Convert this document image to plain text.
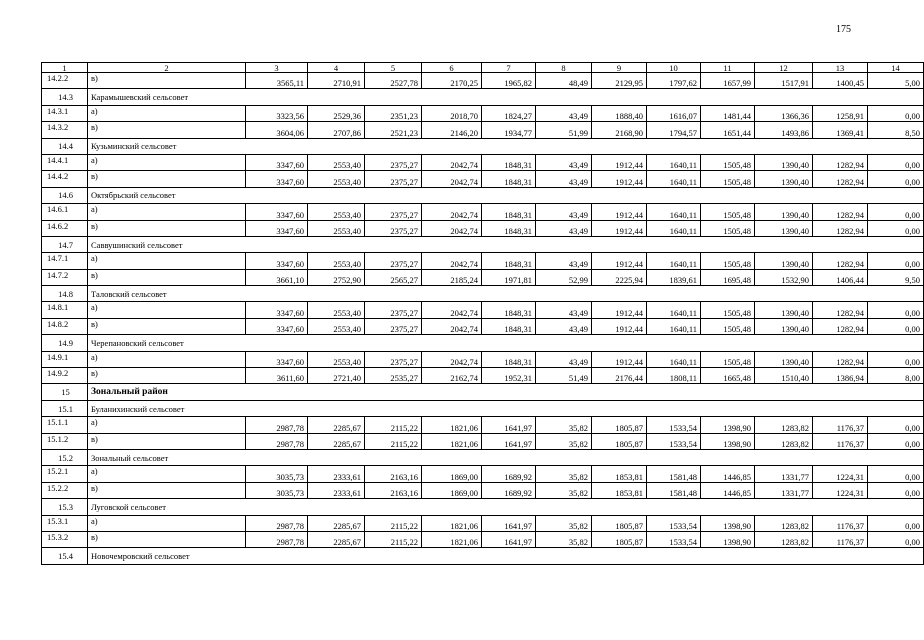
175
1	2	3	4	5	6	7	8	9	10	11	12	13	14
14.2.2	в)	3565,11	2710,91	2527,78	2170,25	1965,82	48,49	2129,95	1797,62	1657,99	1517,91	1400,45	5,00
14.3	Карамышевский сельсовет												
14.3.1	а)	3323,56	2529,36	2351,23	2018,70	1824,27	43,49	1888,40	1616,07	1481,44	1366,36	1258,91	0,00
14.3.2	в)	3604,06	2707,86	2521,23	2146,20	1934,77	51,99	2168,90	1794,57	1651,44	1493,86	1369,41	8,50
14.4	Кузьминский сельсовет												
14.4.1	а)	3347,60	2553,40	2375,27	2042,74	1848,31	43,49	1912,44	1640,11	1505,48	1390,40	1282,94	0,00
14.4.2	в)	3347,60	2553,40	2375,27	2042,74	1848,31	43,49	1912,44	1640,11	1505,48	1390,40	1282,94	0,00
14.6	Октябрьский сельсовет												
14.6.1	а)	3347,60	2553,40	2375,27	2042,74	1848,31	43,49	1912,44	1640,11	1505,48	1390,40	1282,94	0,00
14.6.2	в)	3347,60	2553,40	2375,27	2042,74	1848,31	43,49	1912,44	1640,11	1505,48	1390,40	1282,94	0,00
14.7	Саввушинский сельсовет												
14.7.1	а)	3347,60	2553,40	2375,27	2042,74	1848,31	43,49	1912,44	1640,11	1505,48	1390,40	1282,94	0,00
14.7.2	в)	3661,10	2752,90	2565,27	2185,24	1971,81	52,99	2225,94	1839,61	1695,48	1532,90	1406,44	9,50
14.8	Таловский сельсовет												
14.8.1	а)	3347,60	2553,40	2375,27	2042,74	1848,31	43,49	1912,44	1640,11	1505,48	1390,40	1282,94	0,00
14.8.2	в)	3347,60	2553,40	2375,27	2042,74	1848,31	43,49	1912,44	1640,11	1505,48	1390,40	1282,94	0,00
14.9	Черепановский сельсовет												
14.9.1	а)	3347,60	2553,40	2375,27	2042,74	1848,31	43,49	1912,44	1640,11	1505,48	1390,40	1282,94	0,00
14.9.2	в)	3611,60	2721,40	2535,27	2162,74	1952,31	51,49	2176,44	1808,11	1665,48	1510,40	1386,94	8,00
15	Зональный район												
15.1	Буланихинский сельсовет												
15.1.1	а)	2987,78	2285,67	2115,22	1821,06	1641,97	35,82	1805,87	1533,54	1398,90	1283,82	1176,37	0,00
15.1.2	в)	2987,78	2285,67	2115,22	1821,06	1641,97	35,82	1805,87	1533,54	1398,90	1283,82	1176,37	0,00
15.2	Зональный сельсовет												
15.2.1	а)	3035,73	2333,61	2163,16	1869,00	1689,92	35,82	1853,81	1581,48	1446,85	1331,77	1224,31	0,00
15.2.2	в)	3035,73	2333,61	2163,16	1869,00	1689,92	35,82	1853,81	1581,48	1446,85	1331,77	1224,31	0,00
15.3	Луговской сельсовет												
15.3.1	а)	2987,78	2285,67	2115,22	1821,06	1641,97	35,82	1805,87	1533,54	1398,90	1283,82	1176,37	0,00
15.3.2	в)	2987,78	2285,67	2115,22	1821,06	1641,97	35,82	1805,87	1533,54	1398,90	1283,82	1176,37	0,00
15.4	Новочемровский сельсовет												
